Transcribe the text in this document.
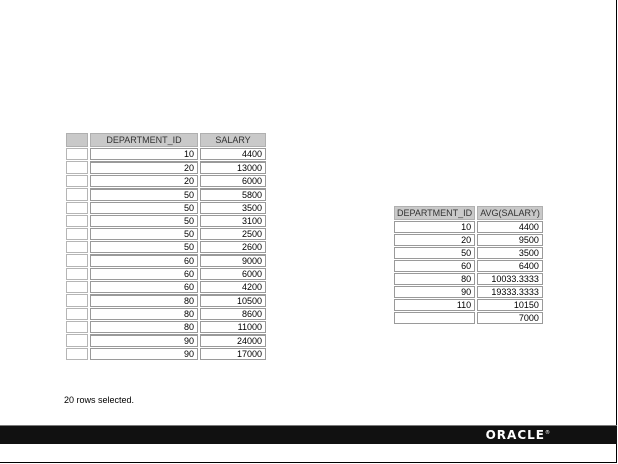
	DEPARTMENT_ID	SALARY
	10	4400
	20	13000
	20	6000
	50	5800
	50	3500
	50	3100
	50	2500
	50	2600
	60	9000
	60	6000
	60	4200
	80	10500
	80	8600
	80	11000
	90	24000
	90	17000
DEPARTMENT_ID	AVG(SALARY)
10	4400
20	9500
50	3500
60	6400
80	10033.3333
90	19333.3333
110	10150
	7000
20 rows selected.
ORACLE®
